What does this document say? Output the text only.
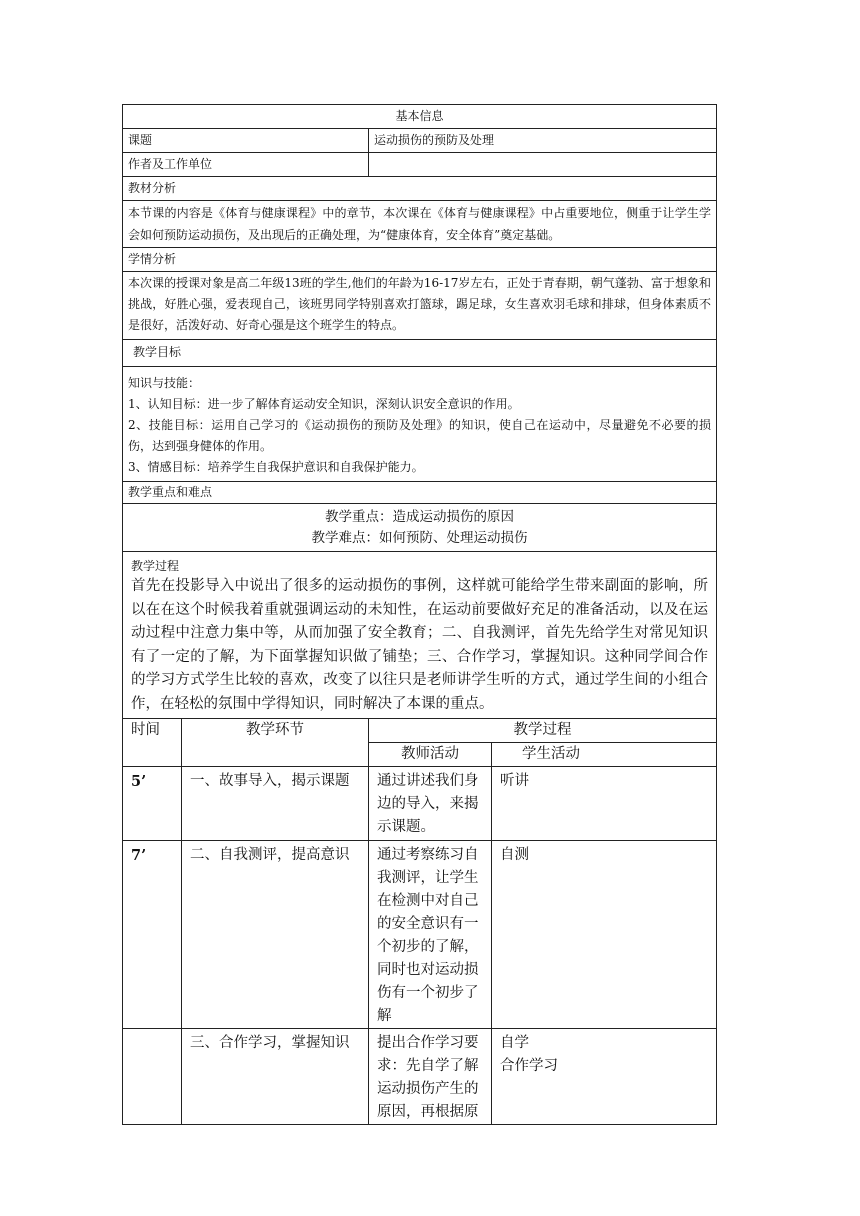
基本信息	
课题	运动损伤的预防及处理
作者及工作单位	
教材分析	
本节课的内容是《体育与健康课程》中的章节，本次课在《体育与健康课程》中占重要地位，侧重于让学生学会如何预防运动损伤，及出现后的正确处理，为“健康体育，安全体育”奠定基础。	
学情分析	
本次课的授课对象是高二年级13班的学生,他们的年龄为16-17岁左右，正处于青春期，朝气蓬勃、富于想象和挑战，好胜心强，爱表现自己，该班男同学特别喜欢打篮球，踢足球，女生喜欢羽毛球和排球，但身体素质不是很好，活泼好动、好奇心强是这个班学生的特点。	
教学目标	

知识与技能：
1、认知目标：进一步了解体育运动安全知识，深刻认识安全意识的作用。
2、技能目标：运用自己学习的《运动损伤的预防及处理》的知识，使自己在运动中，尽量避免不必要的损伤，达到强身健体的作用。
3、情感目标：培养学生自我保护意识和自我保护能力。	

教学重点和难点	

教学重点：造成运动损伤的原因
教学难点：如何预防、处理运动损伤	

教学过程
首先在投影导入中说出了很多的运动损伤的事例，这样就可能给学生带来副面的影响，所以在在这个时候我着重就强调运动的未知性，在运动前要做好充足的准备活动，以及在运动过程中注意力集中等，从而加强了安全教育；二、自我测评，首先先给学生对常见知识有了一定的了解，为下面掌握知识做了铺垫；三、合作学习，掌握知识。这种同学间合作的学习方式学生比较的喜欢，改变了以往只是老师讲学生听的方式，通过学生间的小组合作，在轻松的氛围中学得知识，同时解决了本课的重点。	
时间	教学环节	教学过程	
		教师活动	学生活动
5’	一、故事导入，揭示课题	通过讲述我们身边的导入，来揭示课题。	听讲
7’	二、自我测评，提高意识	通过考察练习自我测评，让学生在检测中对自己的安全意识有一个初步的了解，同时也对运动损伤有一个初步了解	自测
	三、合作学习，掌握知识	提出合作学习要求：先自学了解运动损伤产生的原因，再根据原	自学
合作学习
